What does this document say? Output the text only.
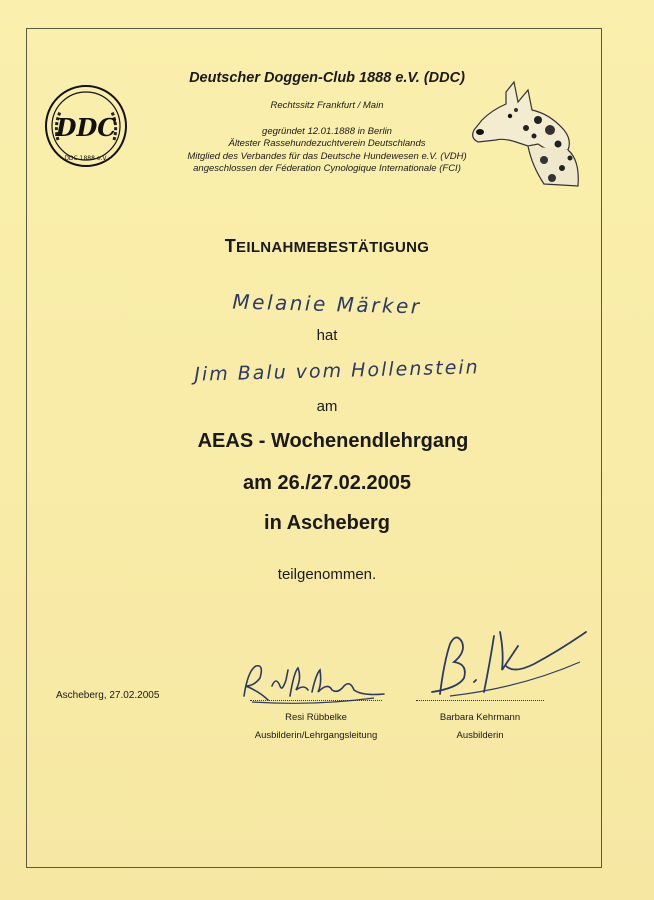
DDC
DDC 1888 e.V.
Deutscher Doggen-Club 1888 e.V. (DDC)
Rechtssitz Frankfurt / Main
gegründet 12.01.1888 in Berlin
Ältester Rassehundezuchtverein Deutschlands
Mitglied des Verbandes für das Deutsche Hundewesen e.V. (VDH)
angeschlossen der Féderation Cynologique Internationale (FCI)
TEILNAHMEBESTÄTIGUNG
Melanie Märker
hat
Jim Balu vom Hollenstein
am
AEAS - Wochenendlehrgang
am 26./27.02.2005
in Ascheberg
teilgenommen.
Ascheberg, 27.02.2005
Resi Rübbelke
Ausbilderin/Lehrgangsleitung
Barbara Kehrmann
Ausbilderin
